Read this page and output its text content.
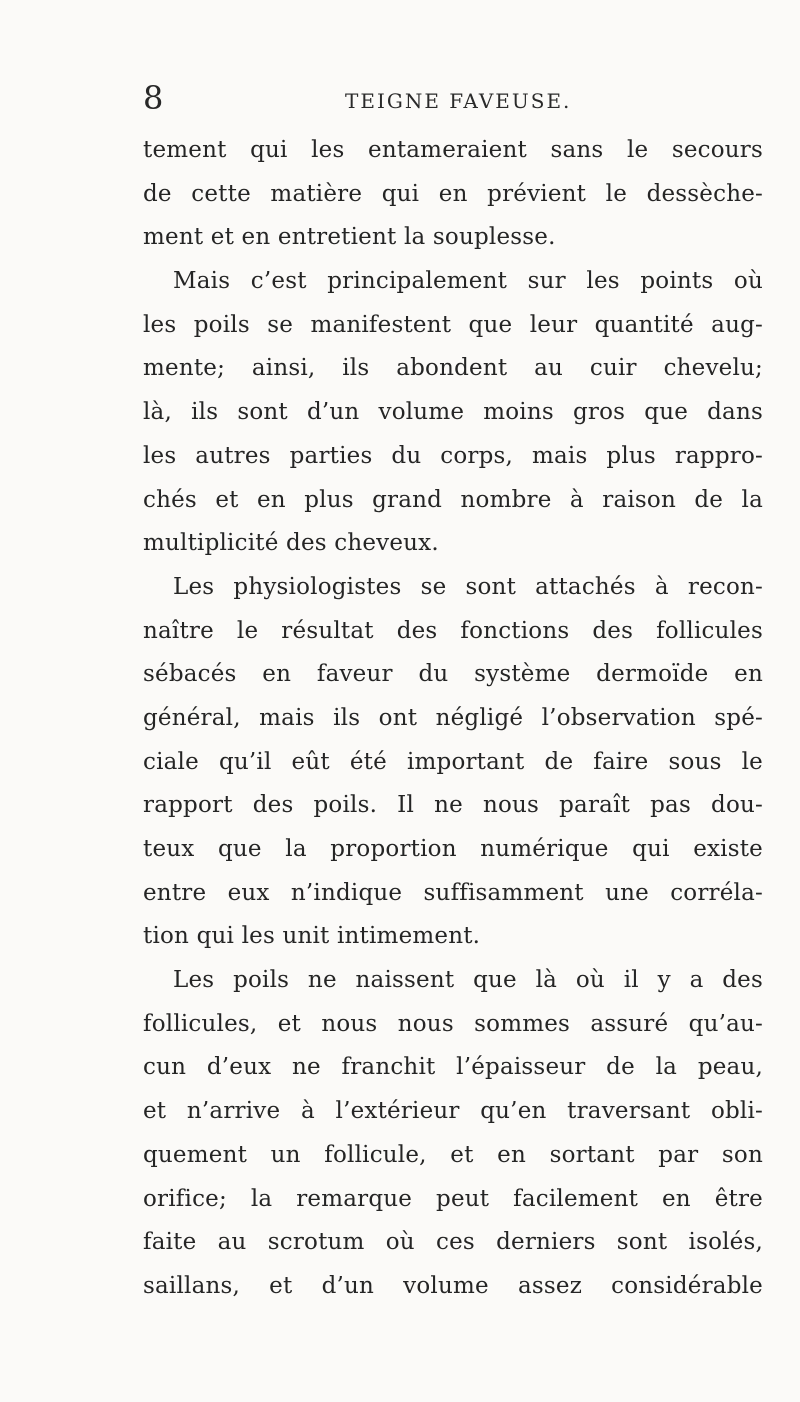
8	TEIGNE FAVEUSE.
tement qui les entameraient sans le secours
de cette matière qui en prévient le dessèche-
ment et en entretient la souplesse.
Mais c’est principalement sur les points où
les poils se manifestent que leur quantité aug-
mente; ainsi, ils abondent au cuir chevelu;
là, ils sont d’un volume moins gros que dans
les autres parties du corps, mais plus rappro-
chés et en plus grand nombre à raison de la
multiplicité des cheveux.
Les physiologistes se sont attachés à recon-
naître le résultat des fonctions des follicules
sébacés en faveur du système dermoïde en
général, mais ils ont négligé l’observation spé-
ciale qu’il eût été important de faire sous le
rapport des poils. Il ne nous paraît pas dou-
teux que la proportion numérique qui existe
entre eux n’indique suffisamment une corréla-
tion qui les unit intimement.
Les poils ne naissent que là où il y a des
follicules, et nous nous sommes assuré qu’au-
cun d’eux ne franchit l’épaisseur de la peau,
et n’arrive à l’extérieur qu’en traversant obli-
quement un follicule, et en sortant par son
orifice; la remarque peut facilement en être
faite au scrotum où ces derniers sont isolés,
saillans, et d’un volume assez considérable
